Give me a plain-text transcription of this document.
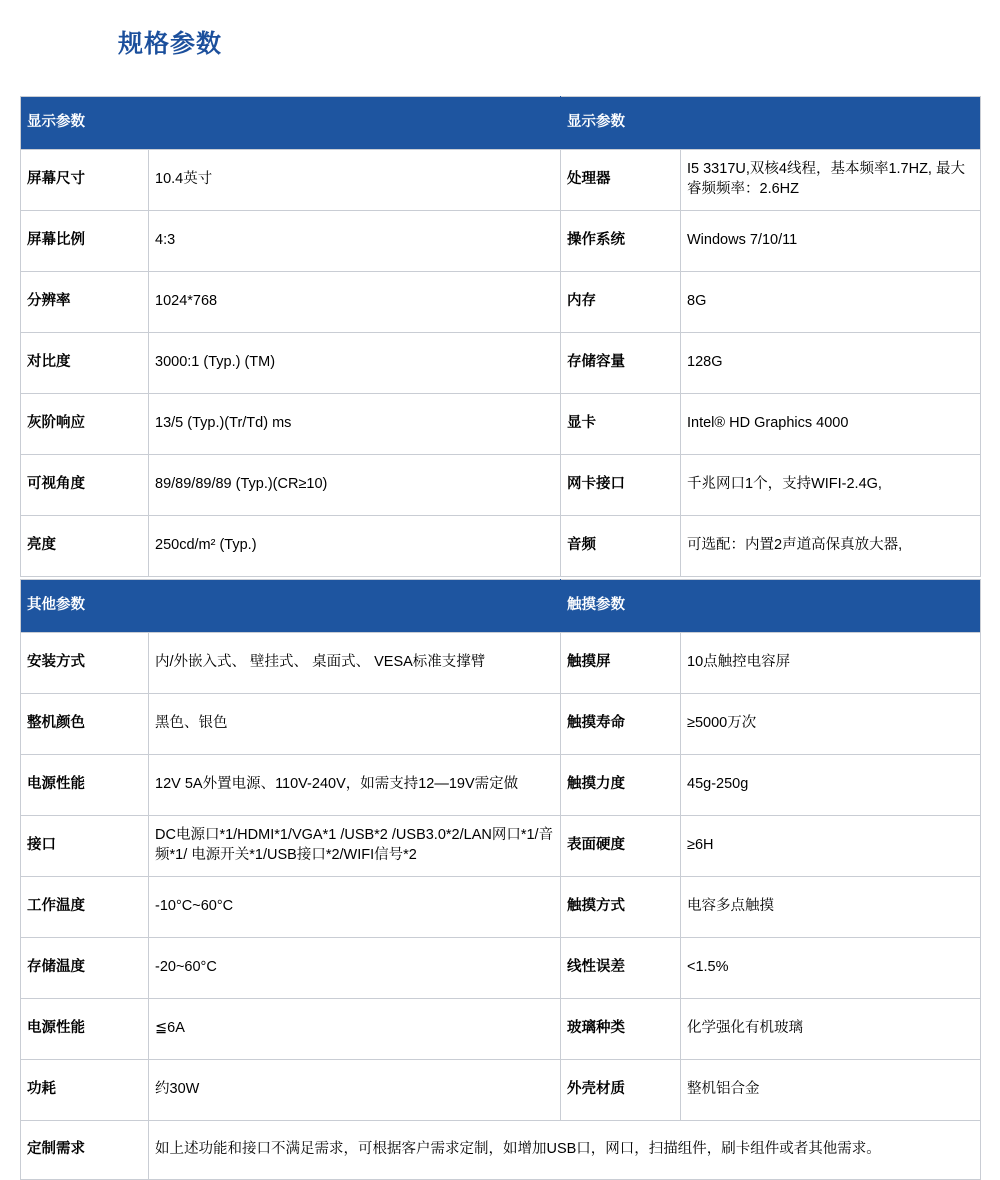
规格参数
显示参数		显示参数	
屏幕尺寸	10.4英寸	处理器	I5 3317U,双核4线程，基本频率1.7HZ, 最大睿频频率：2.6HZ
屏幕比例	4:3	操作系统	Windows 7/10/11
分辨率	1024*768	内存	8G
对比度	3000:1 (Typ.) (TM)	存储容量	128G
灰阶响应	13/5 (Typ.)(Tr/Td) ms	显卡	Intel® HD Graphics 4000
可视角度	89/89/89/89 (Typ.)(CR≥10)	网卡接口	千兆网口1个，支持WIFI-2.4G,
亮度	250cd/m² (Typ.)	音频	可选配：内置2声道高保真放大器,
其他参数		触摸参数	
安装方式	内/外嵌入式、 壁挂式、 桌面式、 VESA标准支撑臂	触摸屏	10点触控电容屏
整机颜色	黑色、银色	触摸寿命	≥5000万次
电源性能	12V 5A外置电源、110V-240V，如需支持12—19V需定做	触摸力度	45g-250g
接口	DC电源口*1/HDMI*1/VGA*1 /USB*2 /USB3.0*2/LAN网口*1/音频*1/ 电源开关*1/USB接口*2/WIFI信号*2	表面硬度	≥6H
工作温度	-10°C~60°C	触摸方式	电容多点触摸
存储温度	-20~60°C	线性误差	<1.5%
电源性能	≦6A	玻璃种类	化学强化有机玻璃
功耗	约30W	外壳材质	整机铝合金
定制需求	如上述功能和接口不满足需求，可根据客户需求定制，如增加USB口，网口，扫描组件，刷卡组件或者其他需求。		
